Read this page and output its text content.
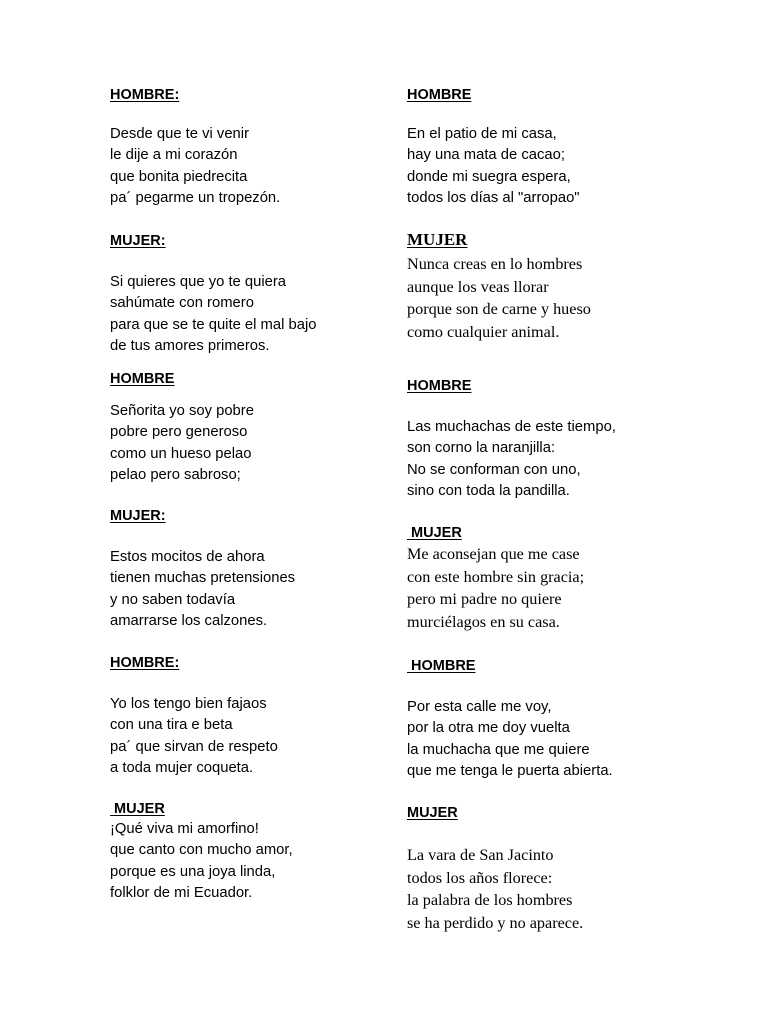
HOMBRE:
Desde que te vi venir
le dije a mi corazón
que bonita piedrecita
pa´ pegarme un tropezón.
MUJER:
Si quieres que yo te quiera
sahúmate con romero
para que se te quite el mal bajo
de tus amores primeros.
HOMBRE
Señorita yo soy pobre
pobre pero generoso
como un hueso pelao
pelao pero sabroso;
MUJER:
Estos mocitos de ahora
tienen muchas pretensiones
y no saben todavía
amarrarse los calzones.
HOMBRE:
Yo los tengo bien fajaos
con una tira e beta
pa´ que sirvan de respeto
a toda mujer coqueta.
MUJER
¡Qué viva mi amorfino!
que canto con mucho amor,
porque es una joya linda,
folklor de mi Ecuador.
HOMBRE
En el patio de mi casa,
hay una mata de cacao;
donde mi suegra espera,
todos los días al "arropao"
MUJER
Nunca creas en lo hombres
aunque los veas llorar
porque son de carne y hueso
como cualquier animal.
HOMBRE
Las muchachas de este tiempo,
son corno la naranjilla:
No se conforman con uno,
sino con toda la pandilla.
MUJER
Me aconsejan que me case
con este hombre sin gracia;
pero mi padre no quiere
murciélagos en su casa.
HOMBRE
Por esta calle me voy,
por la otra me doy vuelta
la muchacha que me quiere
que me tenga le puerta abierta.
MUJER
La vara de San Jacinto
todos los años florece:
la palabra de los hombres
se ha perdido y no aparece.
